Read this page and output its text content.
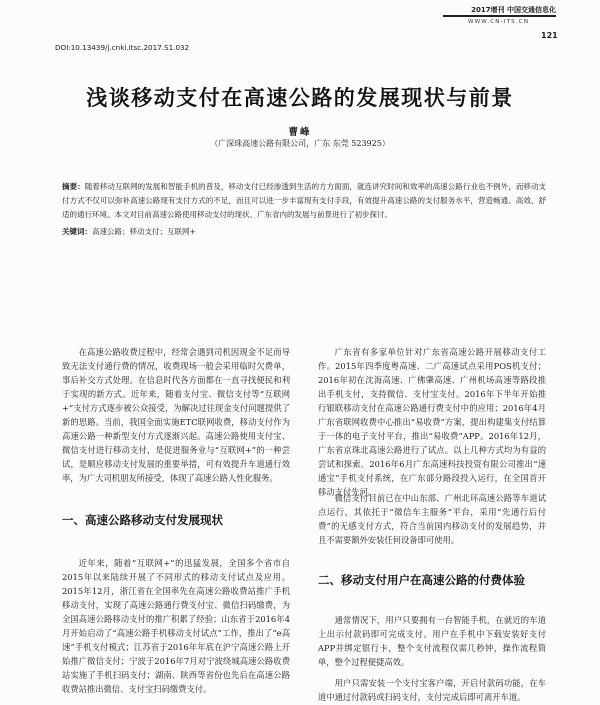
2017增刊 中国交通信息化
WWW.CN-ITS.CN
121
DOI:10.13439/j.cnki.itsc.2017.S1.032
浅谈移动支付在高速公路的发展现状与前景
曹峰
（广深珠高速公路有限公司，广东 东莞 523925）

摘要：随着移动互联网的发展和智能手机的普及，移动支付已经渗透到生活的方方面面，就连讲究时间和效率的高速公路行业也不例外，而移动支付方式不仅可以弥补高速公路现有支付方式的不足，而且可以进一步丰富现有支付手段，有效提升高速公路的支付服务水平，营造畅通、高效、舒适的通行环境。本文对目前高速公路使用移动支付的现状、广东省内的发展与前景进行了初步探讨。

关键词：高速公路；移动支付；互联网+

在高速公路收费过程中，经常会遇到司机因现金不足而导致无法支付通行费的情况，收费现场一般会采用临时欠费单，事后补交方式处理。在信息时代各方面都在一直寻找便民和利于实现的新方式。近年来，随着支付宝、微信支付等“互联网+”支付方式逐步被公众接受，为解决过往现金支付问题提供了新的思路。当前，我国全面实施ETC联网收费，移动支付作为高速公路一种新型支付方式逐渐兴起。高速公路使用支付宝、微信支付进行移动支付，是促进服务业与“互联网+”的一种尝试，是顺应移动支付发展的重要举措，可有效提升车道通行效率，为广大司机朋友所接受，体现了高速公路人性化服务。

一、高速公路移动支付发展现状

近年来，随着“互联网+”的迅猛发展，全国多个省市自2015年以来陆续开展了不同形式的移动支付试点及应用。2015年12月，浙江省在全国率先在高速公路收费站推广手机移动支付，实现了高速公路通行费支付宝、微信扫码缴费，为全国高速公路移动支付的推广积累了经验；山东省于2016年4月开始启动了“高速公路手机移动支付试点”工作，推出了“e高速”手机支付模式；江苏省于2016年年底在沪宁高速公路上开始推广微信支付；宁波于2016年7月对宁波绕城高速公路收费站实施了手机扫码支付；湖南、陕西等省份也先后在高速公路收费站推出微信、支付宝扫码缴费支付。

广东省有多家单位针对广东省高速公路开展移动支付工作。2015年四季度粤高速、二广高速试点采用POS机支付；2016年初在沈海高速、广佛肇高速、广州机场高速等路段推出手机支付，支持微信、支付宝支付。2016年下半年开始推行银联移动支付在高速公路通行费支付中的应用；2016年4月广东省联网收费中心推出“易收费”方案，提出构建集支付结算于一体的电子支付平台，推出“易收费”APP。2016年12月，广东省京珠北高速公路进行了试点。以上几种方式均为有益的尝试和探索。2016年6月广东高速科技投资有限公司推出“速通宝”手机支付系统，在广东部分路段投入运行，在全国首开移动支付先河。

微信支付目前已在中山东部、广州北环高速公路等车道试点运行，其依托于“微信车主服务”平台，采用“先通行后付费”的无感支付方式，符合当前国内移动支付的发展趋势，并且不需要额外安装任何设备即可使用。

二、移动支付用户在高速公路的付费体验

通常情况下，用户只要拥有一台智能手机，在就近的车道上出示付款码即可完成支付。用户在手机中下载安装好支付APP并绑定银行卡，整个支付流程仅需几秒钟，操作流程简单，整个过程便捷高效。

用户只需安装一个支付宝客户端，开启付款码功能，在车道中通过付款码或扫码支付，支付完成后即可离开车道。
